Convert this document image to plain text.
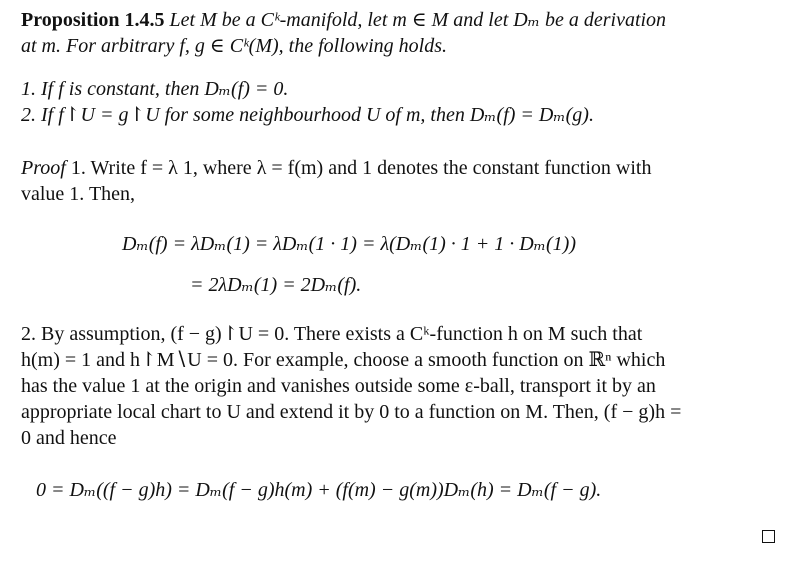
Proposition 1.4.5 Let M be a Cᵏ-manifold, let m ∈ M and let Dₘ be a derivation
at m. For arbitrary f, g ∈ Cᵏ(M), the following holds.
1. If f is constant, then Dₘ(f) = 0.
2. If f↾U = g↾U for some neighbourhood U of m, then Dₘ(f) = Dₘ(g).
Proof 1. Write f = λ 1, where λ = f(m) and 1 denotes the constant function with
value 1. Then,
Dₘ(f) = λDₘ(1) = λDₘ(1 · 1) = λ(Dₘ(1) · 1 + 1 · Dₘ(1))
= 2λDₘ(1) = 2Dₘ(f).
2. By assumption, (f − g)↾U = 0. There exists a Cᵏ-function h on M such that
h(m) = 1 and h↾M∖U = 0. For example, choose a smooth function on ℝⁿ which
has the value 1 at the origin and vanishes outside some ε-ball, transport it by an
appropriate local chart to U and extend it by 0 to a function on M. Then, (f − g)h =
0 and hence
0 = Dₘ((f − g)h) = Dₘ(f − g)h(m) + (f(m) − g(m))Dₘ(h) = Dₘ(f − g).
